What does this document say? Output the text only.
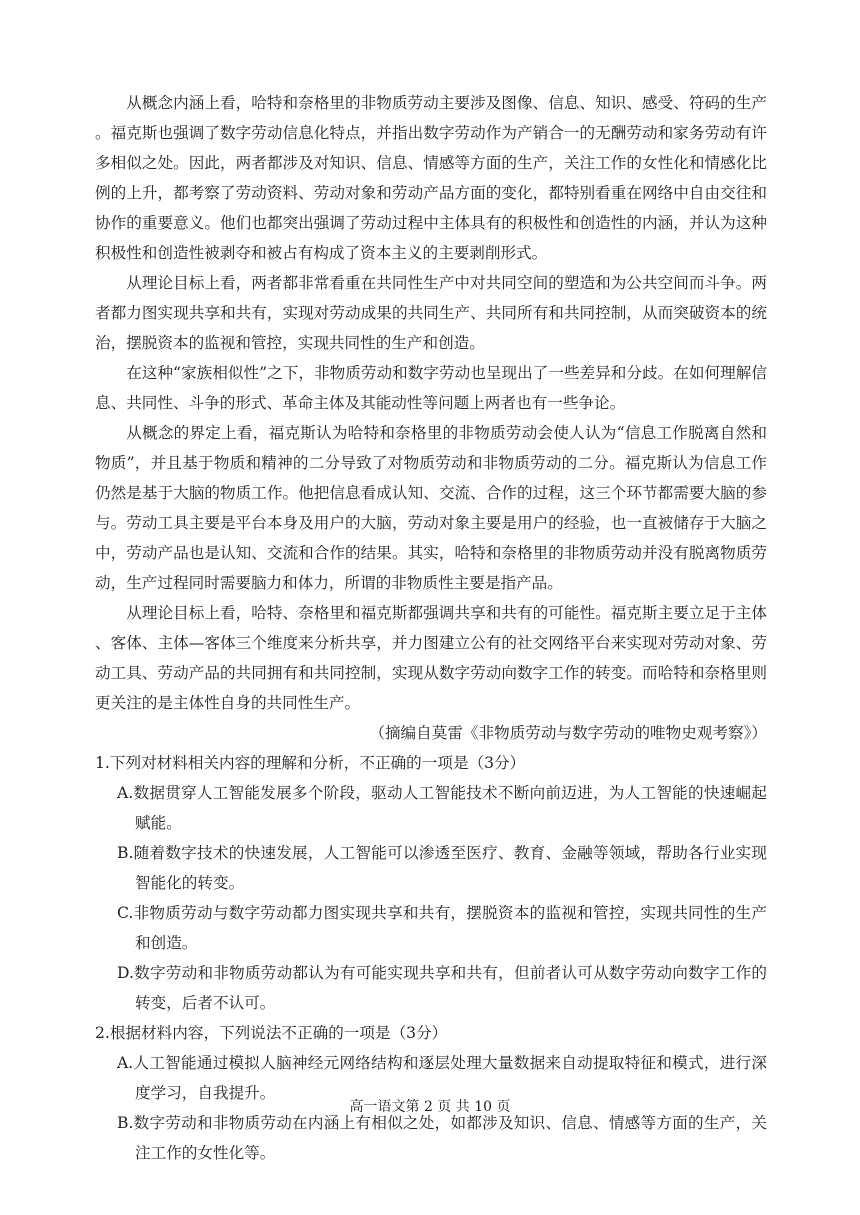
从概念内涵上看，哈特和奈格里的非物质劳动主要涉及图像、信息、知识、感受、符码的生产。福克斯也强调了数字劳动信息化特点，并指出数字劳动作为产销合一的无酬劳动和家务劳动有许多相似之处。因此，两者都涉及对知识、信息、情感等方面的生产，关注工作的女性化和情感化比例的上升，都考察了劳动资料、劳动对象和劳动产品方面的变化，都特别看重在网络中自由交往和协作的重要意义。他们也都突出强调了劳动过程中主体具有的积极性和创造性的内涵，并认为这种积极性和创造性被剥夺和被占有构成了资本主义的主要剥削形式。

从理论目标上看，两者都非常看重在共同性生产中对共同空间的塑造和为公共空间而斗争。两者都力图实现共享和共有，实现对劳动成果的共同生产、共同所有和共同控制，从而突破资本的统治，摆脱资本的监视和管控，实现共同性的生产和创造。

在这种“家族相似性”之下，非物质劳动和数字劳动也呈现出了一些差异和分歧。在如何理解信息、共同性、斗争的形式、革命主体及其能动性等问题上两者也有一些争论。

从概念的界定上看，福克斯认为哈特和奈格里的非物质劳动会使人认为“信息工作脱离自然和物质”，并且基于物质和精神的二分导致了对物质劳动和非物质劳动的二分。福克斯认为信息工作仍然是基于大脑的物质工作。他把信息看成认知、交流、合作的过程，这三个环节都需要大脑的参与。劳动工具主要是平台本身及用户的大脑，劳动对象主要是用户的经验，也一直被储存于大脑之中，劳动产品也是认知、交流和合作的结果。其实，哈特和奈格里的非物质劳动并没有脱离物质劳动，生产过程同时需要脑力和体力，所谓的非物质性主要是指产品。

从理论目标上看，哈特、奈格里和福克斯都强调共享和共有的可能性。福克斯主要立足于主体、客体、主体—客体三个维度来分析共享，并力图建立公有的社交网络平台来实现对劳动对象、劳动工具、劳动产品的共同拥有和共同控制，实现从数字劳动向数字工作的转变。而哈特和奈格里则更关注的是主体性自身的共同性生产。

（摘编自莫雷《非物质劳动与数字劳动的唯物史观考察》）

1.下列对材料相关内容的理解和分析，不正确的一项是（3分）

A.数据贯穿人工智能发展多个阶段，驱动人工智能技术不断向前迈进，为人工智能的快速崛起赋能。

B.随着数字技术的快速发展，人工智能可以渗透至医疗、教育、金融等领域，帮助各行业实现智能化的转变。

C.非物质劳动与数字劳动都力图实现共享和共有，摆脱资本的监视和管控，实现共同性的生产和创造。

D.数字劳动和非物质劳动都认为有可能实现共享和共有，但前者认可从数字劳动向数字工作的转变，后者不认可。

2.根据材料内容，下列说法不正确的一项是（3分）

A.人工智能通过模拟人脑神经元网络结构和逐层处理大量数据来自动提取特征和模式，进行深度学习，自我提升。

B.数字劳动和非物质劳动在内涵上有相似之处，如都涉及知识、信息、情感等方面的生产，关注工作的女性化等。

高一语文第 2 页 共 10 页
